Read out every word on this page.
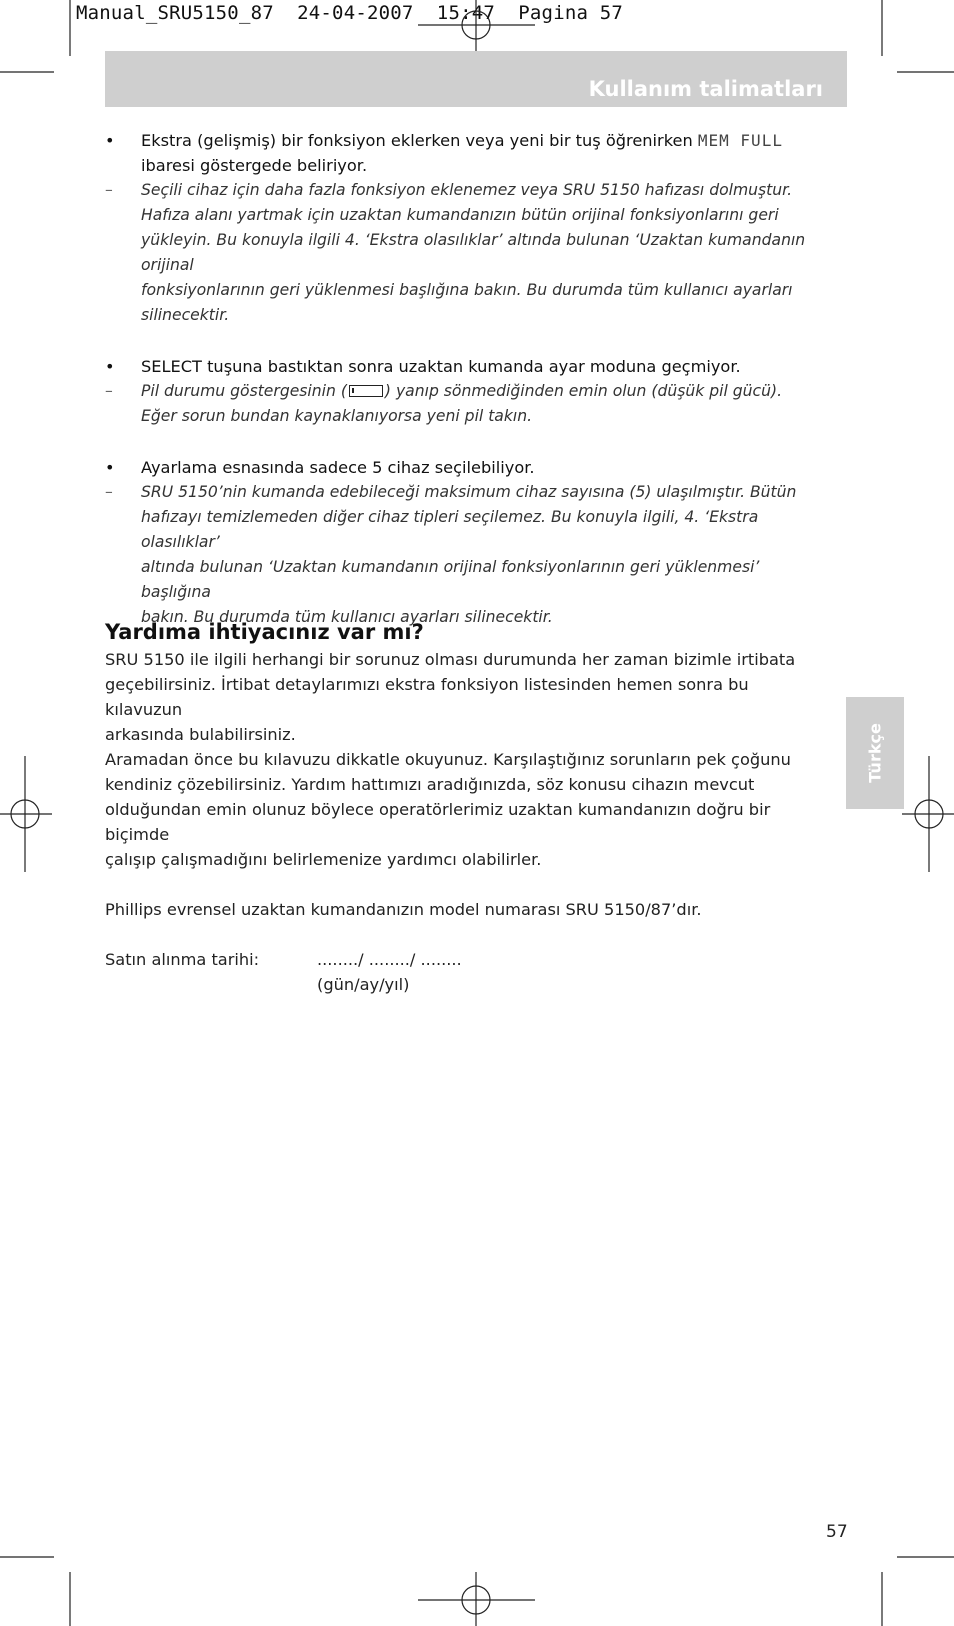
Manual_SRU5150_87  24-04-2007  15:47  Pagina 57
Kullanım talimatları
• Ekstra (gelişmiş) bir fonksiyon eklerken veya yeni bir tuş öğrenirken MEM FULL
ibaresi göstergede beliriyor.
– Seçili cihaz için daha fazla fonksiyon eklenemez veya SRU 5150 hafızası dolmuştur.
Hafıza alanı yartmak için uzaktan kumandanızın bütün orijinal fonksiyonlarını geri
yükleyin. Bu konuyla ilgili 4. ‘Ekstra olasılıklar’ altında bulunan ‘Uzaktan kumandanın orijinal
fonksiyonlarının geri yüklenmesi başlığına bakın. Bu durumda tüm kullanıcı ayarları
silinecektir.
• SELECT tuşuna bastıktan sonra uzaktan kumanda ayar moduna geçmiyor.
– Pil durumu göstergesinin ( ) yanıp sönmediğinden emin olun (düşük pil gücü).
Eğer sorun bundan kaynaklanıyorsa yeni pil takın.
• Ayarlama esnasında sadece 5 cihaz seçilebiliyor.
– SRU 5150’nin kumanda edebileceği maksimum cihaz sayısına (5) ulaşılmıştır. Bütün
hafızayı temizlemeden diğer cihaz tipleri seçilemez. Bu konuyla ilgili, 4. ‘Ekstra olasılıklar’
altında bulunan ‘Uzaktan kumandanın orijinal fonksiyonlarının geri yüklenmesi’ başlığına
bakın. Bu durumda tüm kullanıcı ayarları silinecektir.
Yardıma ihtiyacınız var mı?

SRU 5150 ile ilgili herhangi bir sorunuz olması durumunda her zaman bizimle irtibata
geçebilirsiniz. İrtibat detaylarımızı ekstra fonksiyon listesinden hemen sonra bu kılavuzun
arkasında bulabilirsiniz.

Aramadan önce bu kılavuzu dikkatle okuyunuz. Karşılaştığınız sorunların pek çoğunu
kendiniz çözebilirsiniz. Yardım hattımızı aradığınızda, söz konusu cihazın mevcut
olduğundan emin olunuz böylece operatörlerimiz uzaktan kumandanızın doğru bir biçimde
çalışıp çalışmadığını belirlemenize yardımcı olabilirler.

Phillips evrensel uzaktan kumandanızın model numarası SRU 5150/87’dır.

Satın alınma tarihi:	......../ ......../ ........
(gün/ay/yıl)
Türkçe
57
